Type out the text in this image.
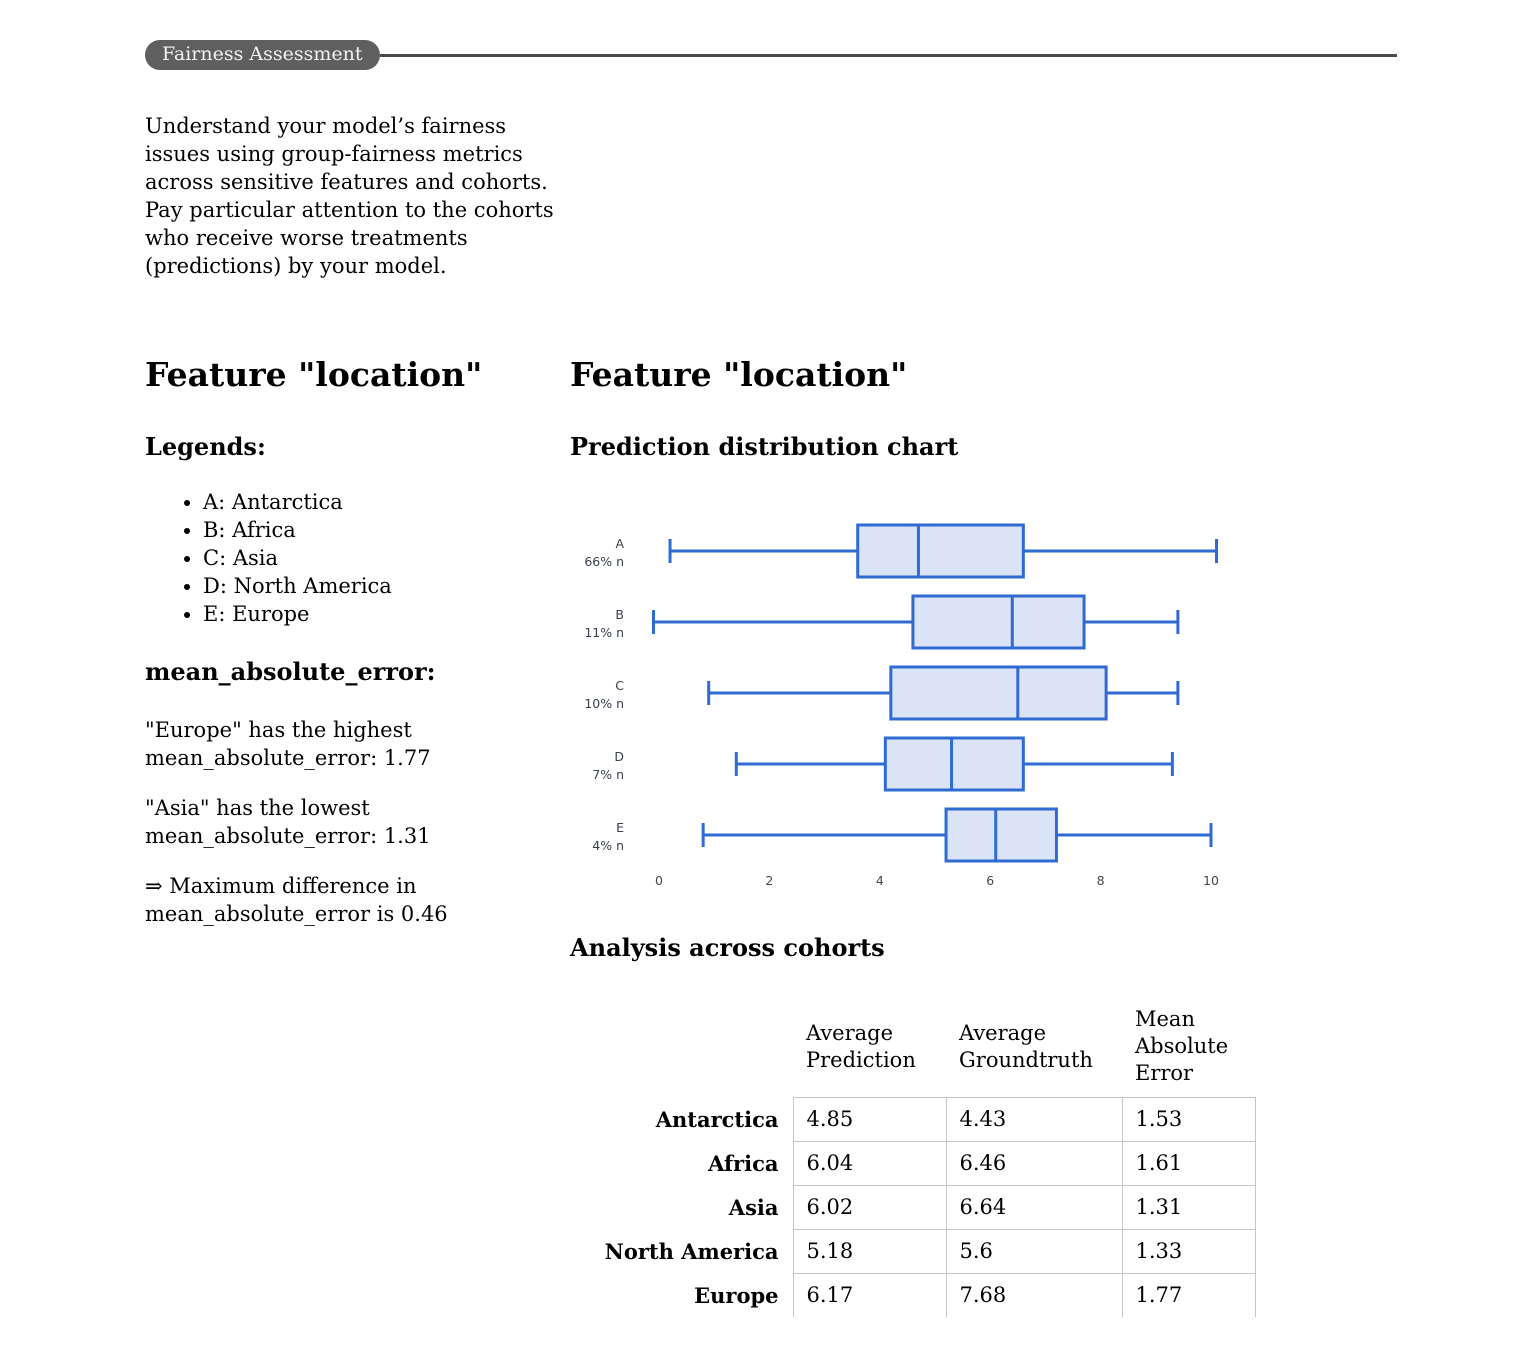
Fairness Assessment
Understand your model’s fairness issues using group-fairness metrics across sensitive features and cohorts. Pay particular attention to the cohorts who receive worse treatments (predictions) by your model.
Feature "location"
Legends:
• A: Antarctica
• B: Africa
• C: Asia
• D: North America
• E: Europe
mean_absolute_error:
"Europe" has the highest mean_absolute_error: 1.77
"Asia" has the lowest mean_absolute_error: 1.31
⇒ Maximum difference in mean_absolute_error is 0.46
Feature "location"
Prediction distribution chart
A
66% n
B
11% n
C
10% n
D
7% n
E
4% n
0	2	4	6	8	10
Analysis across cohorts
	Average Prediction	Average Groundtruth	Mean Absolute Error
Antarctica	4.85	4.43	1.53
Africa	6.04	6.46	1.61
Asia	6.02	6.64	1.31
North America	5.18	5.6	1.33
Europe	6.17	7.68	1.77
